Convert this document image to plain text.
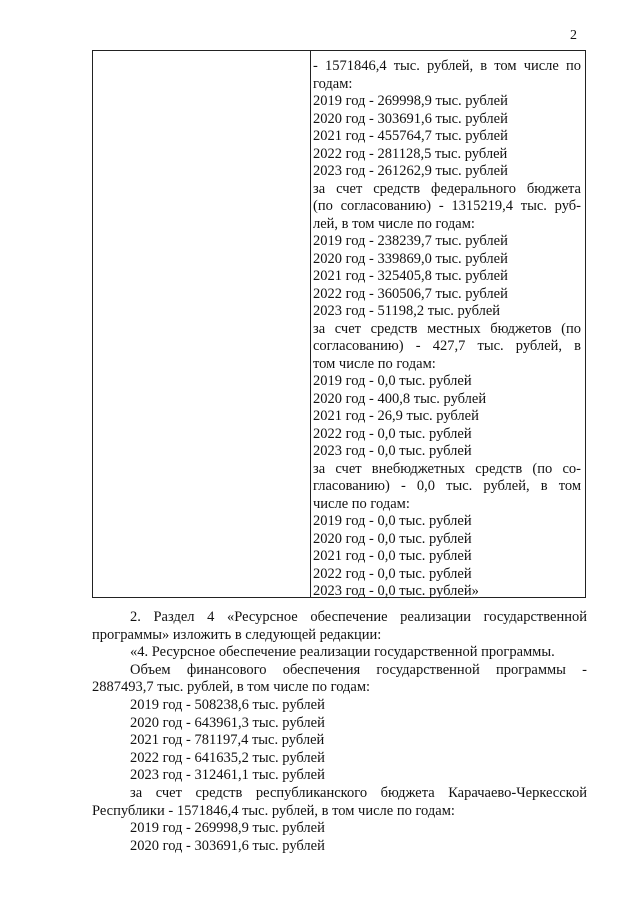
2
- 1571846,4 тыс. рублей, в том числе по
годам:
2019 год - 269998,9 тыс. рублей
2020 год - 303691,6 тыс. рублей
2021 год - 455764,7 тыс. рублей
2022 год - 281128,5 тыс. рублей
2023 год - 261262,9 тыс. рублей
за счет средств федерального бюджета
(по согласованию) - 1315219,4 тыс. руб-
лей, в том числе по годам:
2019 год - 238239,7 тыс. рублей
2020 год - 339869,0 тыс. рублей
2021 год - 325405,8 тыс. рублей
2022 год - 360506,7 тыс. рублей
2023 год - 51198,2 тыс. рублей
за счет средств местных бюджетов (по
согласованию) - 427,7 тыс. рублей, в
том числе по годам:
2019 год - 0,0 тыс. рублей
2020 год - 400,8 тыс. рублей
2021 год - 26,9 тыс. рублей
2022 год - 0,0 тыс. рублей
2023 год - 0,0 тыс. рублей
за счет внебюджетных средств (по со-
гласованию) - 0,0 тыс. рублей, в том
числе по годам:
2019 год - 0,0 тыс. рублей
2020 год - 0,0 тыс. рублей
2021 год - 0,0 тыс. рублей
2022 год - 0,0 тыс. рублей
2023 год - 0,0 тыс. рублей»
2. Раздел 4 «Ресурсное обеспечение реализации государственной
программы» изложить в следующей редакции:
«4. Ресурсное обеспечение реализации государственной программы.
Объем финансового обеспечения государственной программы -
2887493,7 тыс. рублей, в том числе по годам:
2019 год - 508238,6 тыс. рублей
2020 год - 643961,3 тыс. рублей
2021 год - 781197,4 тыс. рублей
2022 год - 641635,2 тыс. рублей
2023 год - 312461,1 тыс. рублей
за счет средств республиканского бюджета Карачаево-Черкесской
Республики - 1571846,4 тыс. рублей, в том числе по годам:
2019 год - 269998,9 тыс. рублей
2020 год - 303691,6 тыс. рублей
